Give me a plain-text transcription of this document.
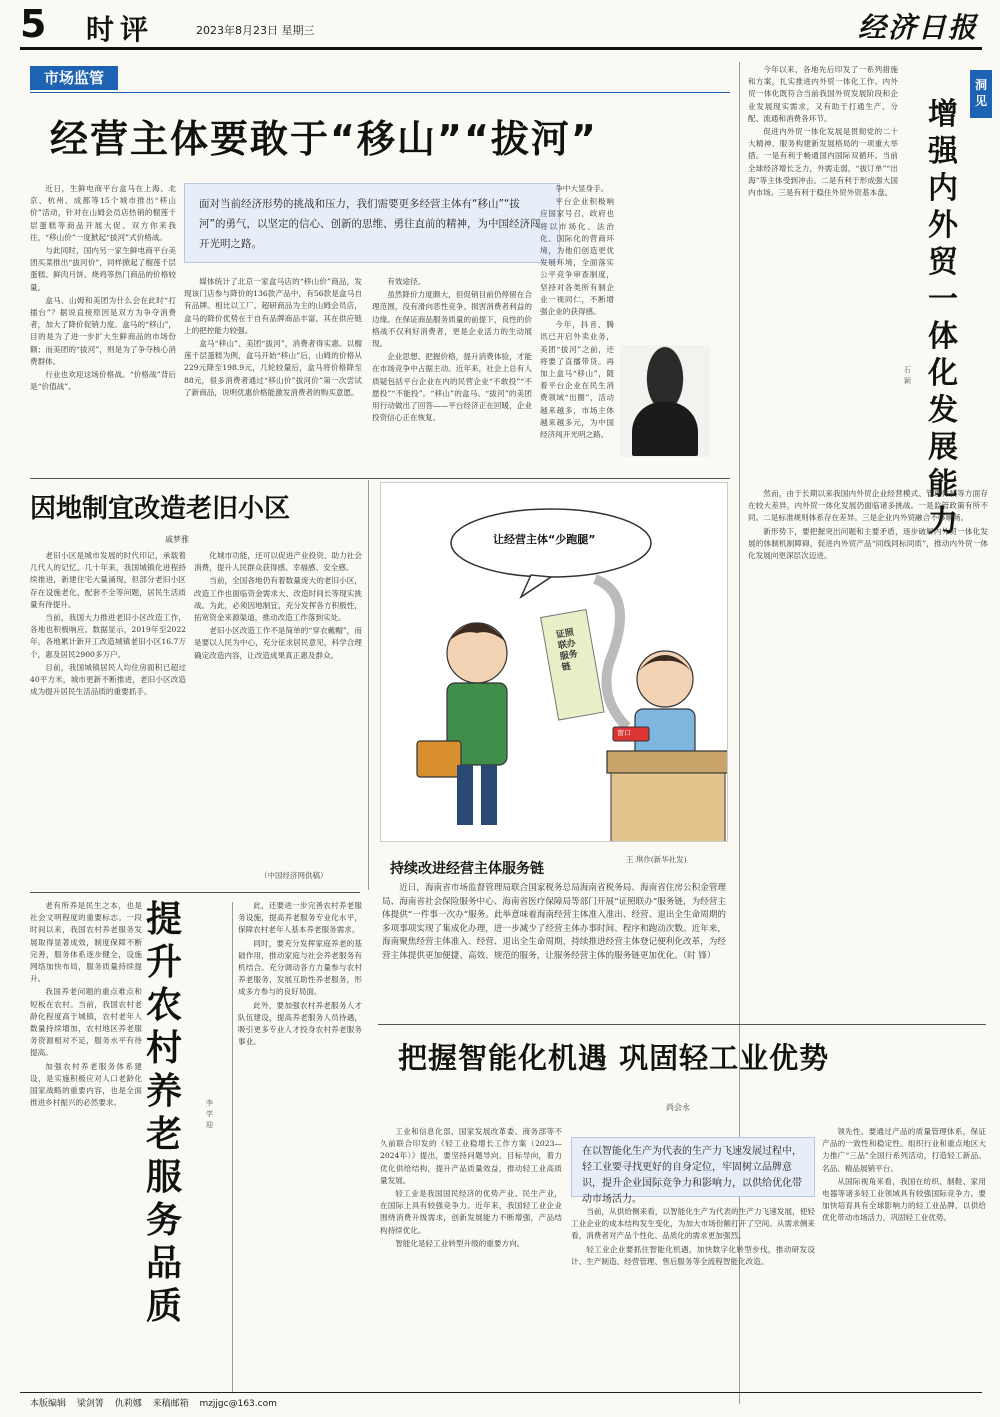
5 时评	2023年8月23日 星期三	经济日报
市场监管
经营主体要敢于“移山”“拔河”

近日，生鲜电商平台盒马在上海、北京、杭州、成都等15个城市推出“移山价”活动，针对在山姆会员店热销的榴莲千层蛋糕等商品开展大促。双方你来我往，“移山价”一度掀起“拔河”式价格战。

与此同时，国内另一家生鲜电商平台美团买菜推出“拔河价”，同样掀起了榴莲千层蛋糕、鲜肉月饼、烧鸡等热门商品的价格较量。

盒马、山姆和美团为什么会在此时“打擂台”？据说直接原因是双方为争夺消费者，加大了降价促销力度。盒马的“移山”，目的是为了进一步扩大生鲜商品的市场份额；而美团的“拔河”，则是为了争夺核心消费群体。

行业也欢迎这场价格战。“价格战”背后是“价值战”。

面对当前经济形势的挑战和压力，我们需要更多经营主体有“移山”“拔河”的勇气，以坚定的信心、创新的思维、勇往直前的精神，为中国经济闯开光明之路。

媒体统计了北京一家盒马店的“移山价”商品，发现该门店参与降价的136款产品中，有56款是盒马自有品牌。相比以工厂、超研商品为主的山姆会员店，盒马的降价优势在于自有品牌商品丰富，其在供应链上的把控能力较强。

盒马“移山”、美团“拔河”，消费者得实惠。以榴莲千层蛋糕为例，盒马开始“移山”后，山姆的价格从229元降至198.9元，几轮较量后，盒马将价格降至88元，很多消费者通过“移山价”拔河价”第一次尝试了新商品，说明优惠价格能激发消费者的购买意愿。

有效途径。

虽然降价力度颇大，但促销目前仍停留在合理范围，没有滑向恶性竞争、损害消费者利益的边缘。在保证商品服务质量的前提下，良性的价格战不仅利好消费者，更是企业活力的生动展现。

企业思想、把握价格，提升消费体验，才能在市场竞争中占据主动。近年来，社会上总有人质疑包括平台企业在内的民营企业“不敢投”“不愿投”“不能投”。“移山”的盒马、“拔河”的美团用行动做出了回答——平台经济正在回暖，企业投资信心正在恢复。

争中大显身手。

平台企业积极响应国家号召，政府也将以市场化、法治化、国际化的营商环境，为他们创造更优发展环境，全面落实公平竞争审查制度，坚持对各类所有制企业一视同仁，不断增强企业的获得感。

今年，抖音、腾讯已开启外卖业务，美团“拔河”之前，还将要了直播带货。再加上盒马“移山”，随着平台企业在民生消费领域“出圈”，活动越来越多，市场主体越来越多元，为中国经济闯开光明之路。

洞见
增强内外贸一体化发展能力
石颖

今年以来，各地先后印发了一系列措施和方案，扎实推进内外贸一体化工作。内外贸一体化既符合当前我国外贸发展阶段和企业发展现实需求，又有助于打通生产、分配、流通和消费各环节。

促进内外贸一体化发展是贯彻党的二十大精神、服务构建新发展格局的一项重大举措。一是有利于畅通国内国际双循环。当前全球经济增长乏力，外需走弱，“拔订单”“出海”等主体受到冲击。二是有利于形成强大国内市场。三是有利于稳住外贸外资基本盘。

然而，由于长期以来我国内外贸企业经营模式、管理体制等方面存在较大差异，内外贸一体化发展仍面临诸多挑战。一是监管政策有所不同。二是标准规则体系存在差异。三是企业内外贸融合不够顺畅。

新形势下，要把握突出问题和主要矛盾，逐步破解内外贸一体化发展的体制机制障碍，促进内外贸产品“同线同标同质”，推动内外贸一体化发展向更深层次迈进。

因地制宜改造老旧小区
戚梦雅

老旧小区是城市发展的时代印记，承载着几代人的记忆。几十年来，我国城镇化进程持续推进，新建住宅大量涌现，但部分老旧小区存在设施老化、配套不全等问题，居民生活质量有待提升。

当前，我国大力推进老旧小区改造工作，各地也积极响应。数据显示，2019年至2022年，各地累计新开工改造城镇老旧小区16.7万个，惠及居民2900多万户。

目前，我国城镇居民人均住房面积已超过40平方米，城市更新不断推进，老旧小区改造成为提升居民生活品质的重要抓手。

化城市功能，还可以促进产业投资、助力社会消费，提升人民群众获得感、幸福感、安全感。

当前，全国各地仍有着数量庞大的老旧小区，改造工作也面临资金需求大、改造时间长等现实挑战。为此，必须因地制宜，充分发挥各方积极性，拓宽资金来源渠道，推动改造工作落到实处。

老旧小区改造工作不是简单的“穿衣戴帽”，而是要以人民为中心，充分征求居民意见，科学合理确定改造内容，让改造成果真正惠及群众。

（中国经济网供稿）
让经营主体“少跑腿”
证照联办服务链
窗口
持续改进经营主体服务链
王 琪作(新华社发)

近日，海南省市场监督管理局联合国家税务总局海南省税务局、海南省住房公积金管理局、海南省社会保险服务中心、海南省医疗保障局等部门开展“证照联办”服务链，为经营主体提供“一件事一次办”服务。此举意味着海南经营主体准入准出、经营、退出全生命周期的多项事项实现了集成化办理，进一步减少了经营主体办事时间、程序和跑动次数。近年来，海南聚焦经营主体准入、经营、退出全生命周期，持续推进经营主体登记便利化改革，为经营主体提供更加便捷、高效、规范的服务，让服务经营主体的服务链更加优化。（时 锋）

提升农村养老服务品质
李学迎

老有所养是民生之本，也是社会文明程度的重要标志。一段时间以来，我国农村养老服务发展取得显著成效，制度保障不断完善，服务体系逐步健全，设施网络加快布局，服务质量持续提升。

我国养老问题的重点难点和短板在农村。当前，我国农村老龄化程度高于城镇，农村老年人数量持续增加，农村地区养老服务资源相对不足，服务水平有待提高。

加强农村养老服务体系建设，是实施积极应对人口老龄化国家战略的重要内容，也是全面推进乡村振兴的必然要求。

此，还要进一步完善农村养老服务设施，提高养老服务专业化水平，保障农村老年人基本养老服务需求。

同时，要充分发挥家庭养老的基础作用，推动家庭与社会养老服务有机结合。充分调动各方力量参与农村养老服务，发展互助性养老服务，形成多方参与的良好局面。

此外，要加强农村养老服务人才队伍建设，提高养老服务人员待遇，吸引更多专业人才投身农村养老服务事业。	把握智能化机遇 巩固轻工业优势
尚会永
在以智能化生产为代表的生产力飞速发展过程中，轻工业要寻找更好的自身定位，牢固树立品牌意识，提升企业国际竞争力和影响力，以供给优化带动市场活力。

工业和信息化部、国家发展改革委、商务部等不久前联合印发的《轻工业稳增长工作方案（2023—2024年）》提出，要坚持问题导向、目标导向，着力优化供给结构，提升产品质量效益，推动轻工业高质量发展。

轻工业是我国国民经济的优势产业、民生产业，在国际上具有较强竞争力。近年来，我国轻工业企业围绕消费升级需求，创新发展能力不断增强，产品结构持续优化。

智能化是轻工业转型升级的重要方向。

当前，从供给侧来看，以智能化生产为代表的生产力飞速发展，使轻工业企业的成本结构发生变化，为加大市场份额打开了空间。从需求侧来看，消费者对产品个性化、品质化的需求更加强烈。

轻工业企业要抓住智能化机遇，加快数字化转型步伐，推动研发设计、生产制造、经营管理、售后服务等全流程智能化改造。

领先性。要通过产品的质量管理体系，保证产品的一致性和稳定性。组织行业和重点地区大力推广“三品”全国行系列活动，打造轻工新品、名品、精品展销平台。

从国际视角来看，我国在纺织、制鞋、家用电器等诸多轻工业领域具有较强国际竞争力。要加快培育具有全球影响力的轻工业品牌，以供给优化带动市场活力，巩固轻工业优势。

本版编辑 梁剑箐 仇莉娜 来稿邮箱 mzjjgc@163.com
